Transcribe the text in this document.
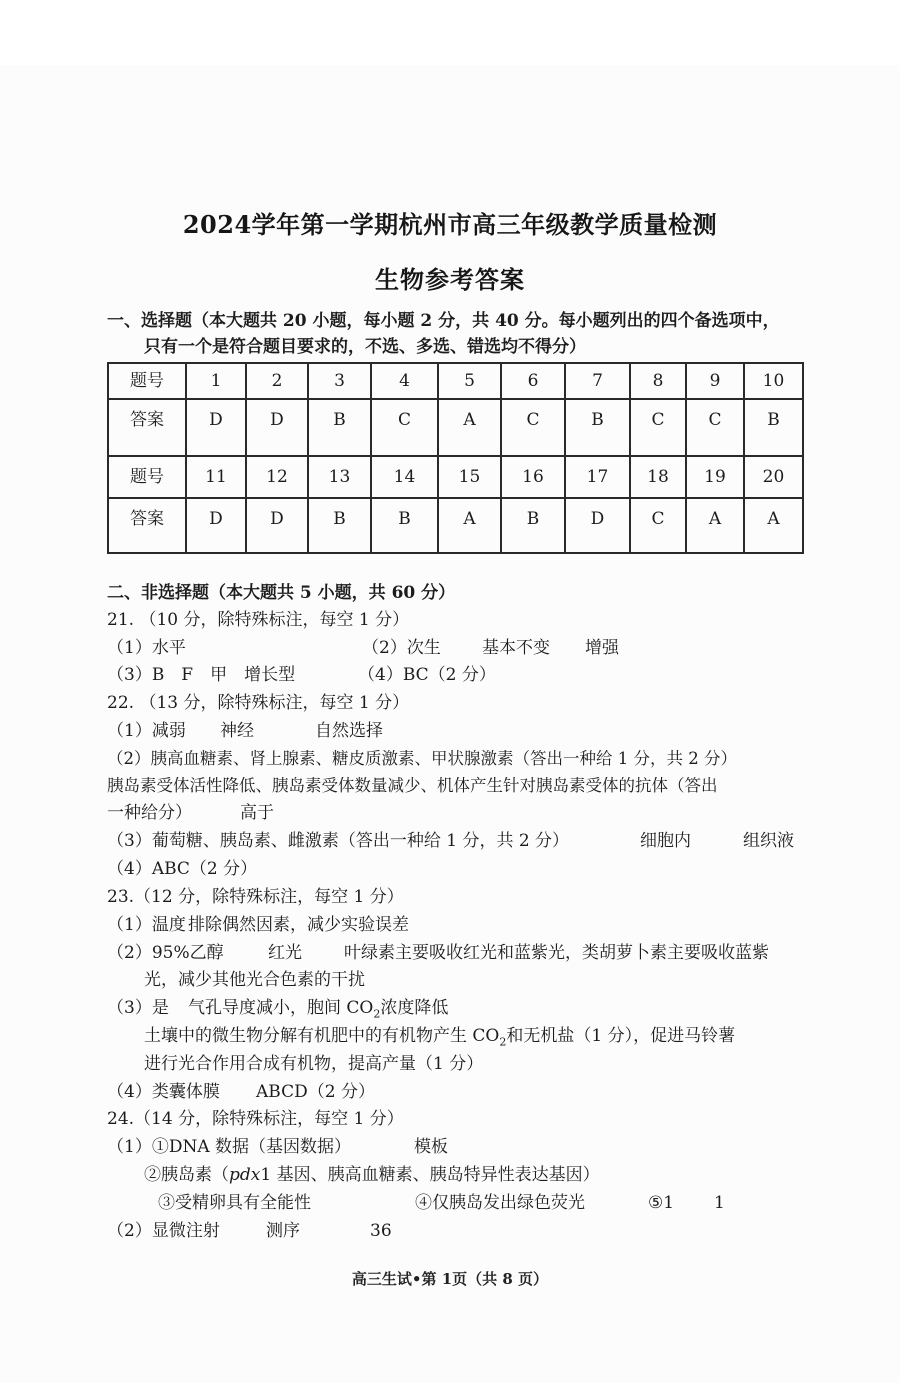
2024学年第一学期杭州市高三年级教学质量检测
生物参考答案
一、选择题（本大题共 20 小题，每小题 2 分，共 40 分。每小题列出的四个备选项中，
只有一个是符合题目要求的，不选、多选、错选均不得分）
题号	1	2	3	4	5	6	7	8	9	10
答案	D	D	B	C	A	C	B	C	C	B
题号	11	12	13	14	15	16	17	18	19	20
答案	D	D	B	B	A	B	D	C	A	A
二、非选择题（本大题共 5 小题，共 60 分）
21. （10 分，除特殊标注，每空 1 分）
（1）水平	（2）次生 基本不变 增强
（3）B　F　甲　增长型	（4）BC（2 分）
22. （13 分，除特殊标注，每空 1 分）
（1）减弱 神经	自然选择
（2）胰高血糖素、肾上腺素、糖皮质激素、甲状腺激素（答出一种给 1 分，共 2 分）
胰岛素受体活性降低、胰岛素受体数量减少、机体产生针对胰岛素受体的抗体（答出
一种给分）	高于
（3）葡萄糖、胰岛素、雌激素（答出一种给 1 分，共 2 分）	细胞内	组织液
（4）ABC（2 分）
23.（12 分，除特殊标注，每空 1 分）
（1）温度 排除偶然因素，减少实验误差
（2）95%乙醇	红光 叶绿素主要吸收红光和蓝紫光，类胡萝卜素主要吸收蓝紫
光，减少其他光合色素的干扰
（3）是 气孔导度减小，胞间 $CO_2$浓度降低
土壤中的微生物分解有机肥中的有机物产生 $CO_2$和无机盐（1 分），促进马铃薯
进行光合作用合成有机物，提高产量（1 分）
（4）类囊体膜 ABCD（2 分）
24.（14 分，除特殊标注，每空 1 分）
（1）①DNA 数据（基因数据）	模板
②胰岛素（pdx1 基因、胰高血糖素、胰岛特异性表达基因）
③受精卵具有全能性	④仅胰岛发出绿色荧光	⑤1 1
（2）显微注射	测序	36
高三生试•第 1页（共 8 页）
